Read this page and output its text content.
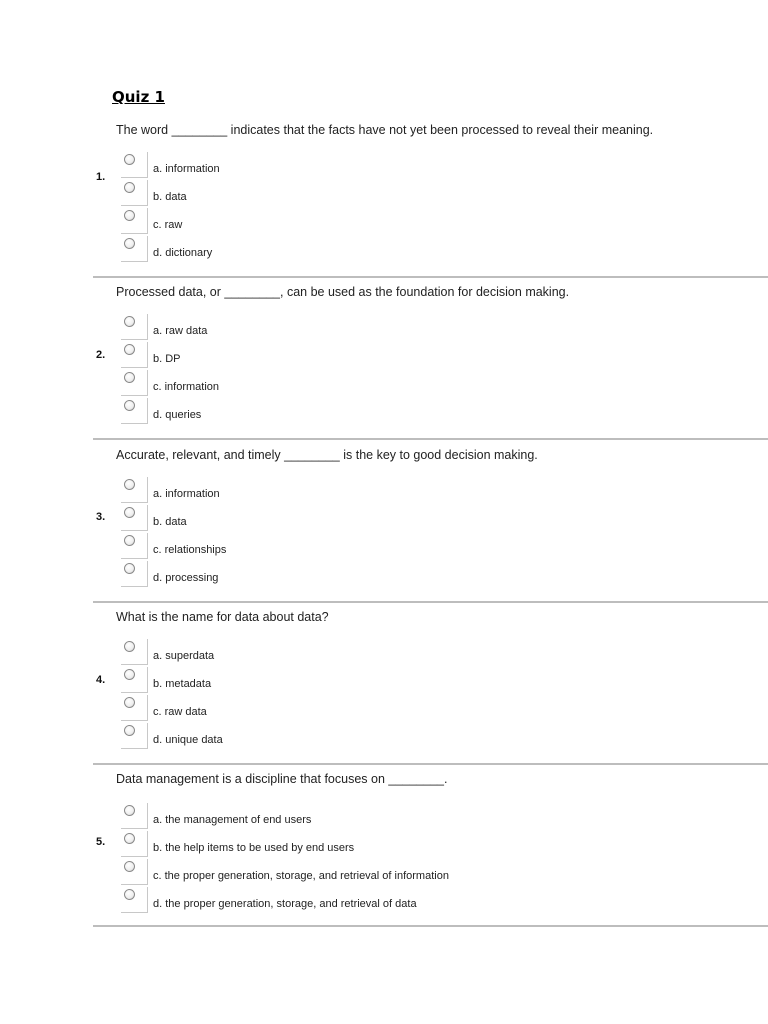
Quiz 1
The word ________ indicates that the facts have not yet been processed to reveal their meaning.
1.
a. information
b. data
c. raw
d. dictionary
Processed data, or ________, can be used as the foundation for decision making.
2.
a. raw data
b. DP
c. information
d. queries
Accurate, relevant, and timely ________ is the key to good decision making.
3.
a. information
b. data
c. relationships
d. processing
What is the name for data about data?
4.
a. superdata
b. metadata
c. raw data
d. unique data
Data management is a discipline that focuses on ________.
5.
a. the management of end users
b. the help items to be used by end users
c. the proper generation, storage, and retrieval of information
d. the proper generation, storage, and retrieval of data
